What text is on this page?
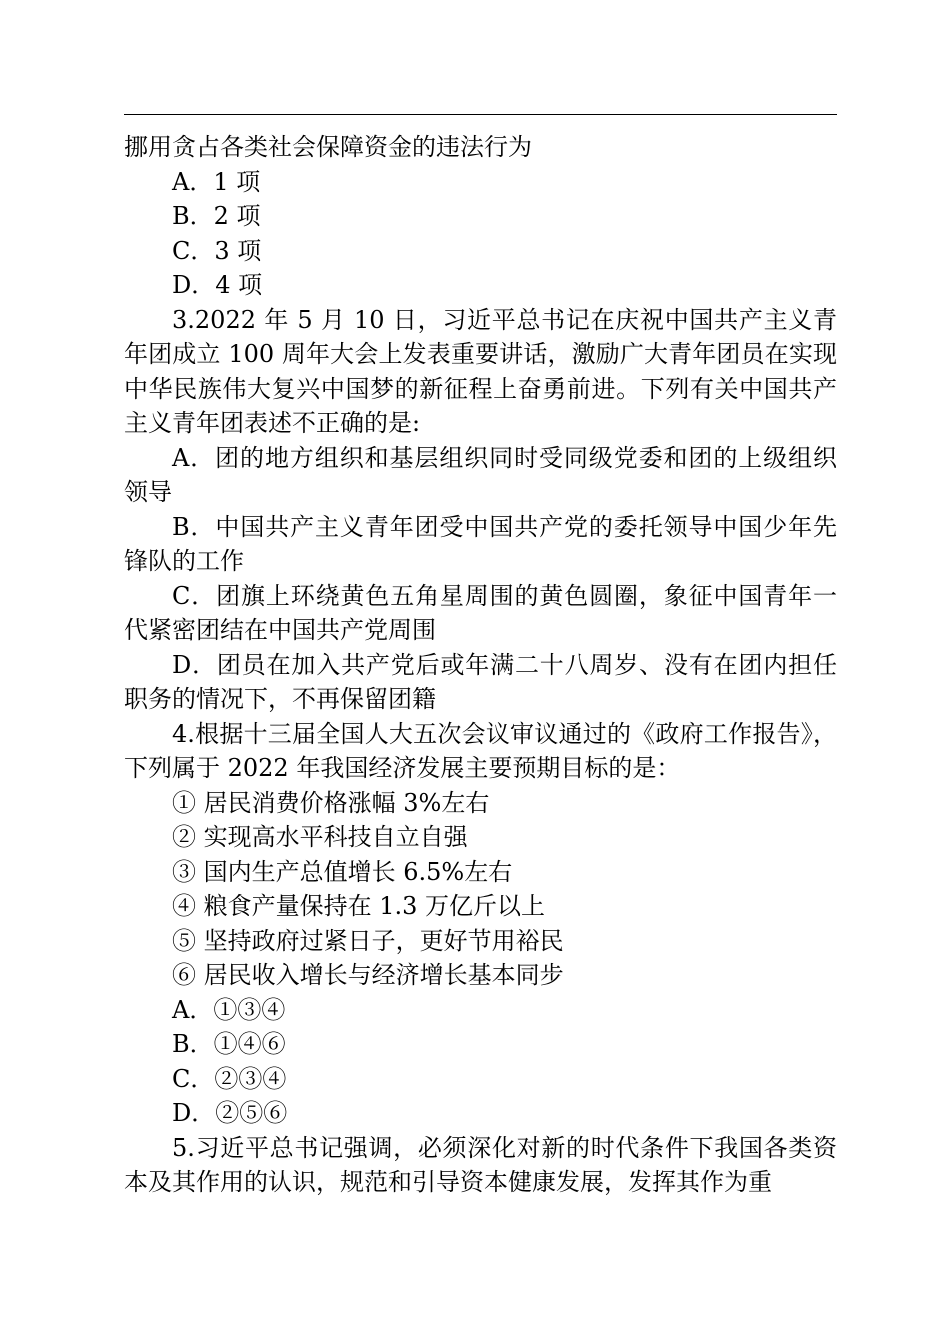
挪用贪占各类社会保障资金的违法行为

A．1 项

B．2 项

C．3 项

D．4 项

3.2022 年 5 月 10 日，习近平总书记在庆祝中国共产主义青年团成立 100 周年大会上发表重要讲话，激励广大青年团员在实现中华民族伟大复兴中国梦的新征程上奋勇前进。下列有关中国共产主义青年团表述不正确的是:

A．团的地方组织和基层组织同时受同级党委和团的上级组织领导

B．中国共产主义青年团受中国共产党的委托领导中国少年先锋队的工作

C．团旗上环绕黄色五角星周围的黄色圆圈，象征中国青年一代紧密团结在中国共产党周围

D．团员在加入共产党后或年满二十八周岁、没有在团内担任职务的情况下，不再保留团籍

4.根据十三届全国人大五次会议审议通过的《政府工作报告》，下列属于 2022 年我国经济发展主要预期目标的是：

① 居民消费价格涨幅 3%左右

② 实现高水平科技自立自强

③ 国内生产总值增长 6.5%左右

④ 粮食产量保持在 1.3 万亿斤以上

⑤ 坚持政府过紧日子，更好节用裕民

⑥ 居民收入增长与经济增长基本同步

A．①③④

B．①④⑥

C．②③④

D．②⑤⑥

5.习近平总书记强调，必须深化对新的时代条件下我国各类资本及其作用的认识，规范和引导资本健康发展，发挥其作为重
